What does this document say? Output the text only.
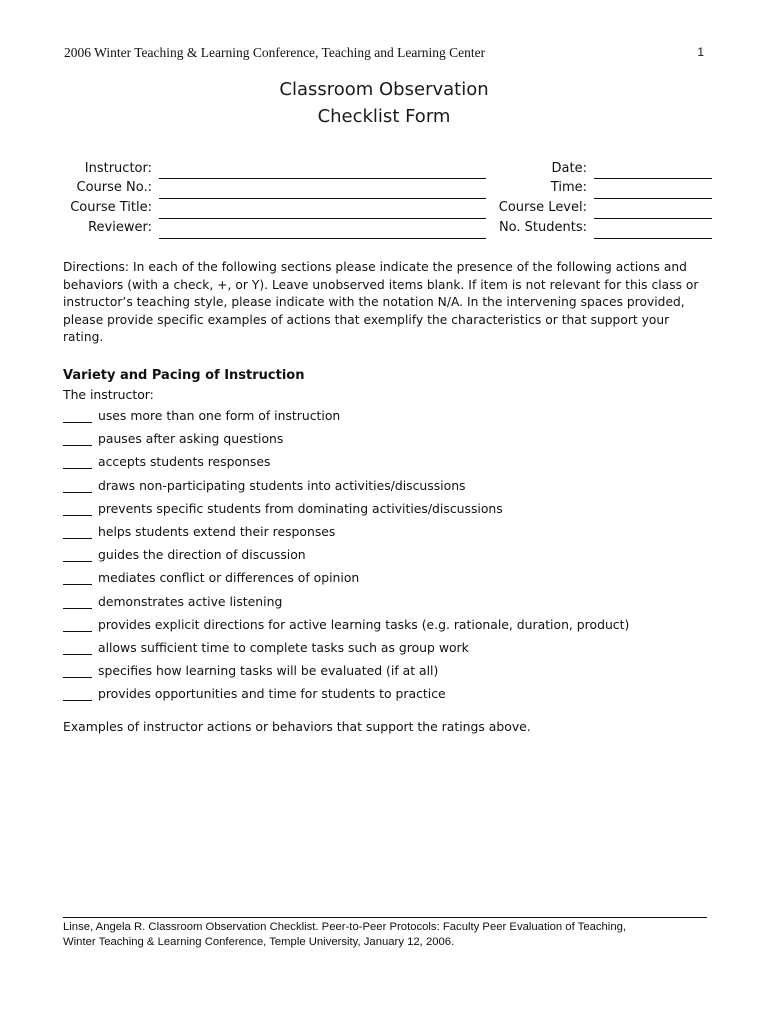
2006 Winter Teaching & Learning Conference, Teaching and Learning Center	1
Classroom Observation
Checklist Form
Instructor:
Course No.:
Course Title:
Reviewer:
Date:
Time:
Course Level:
No. Students:
Directions: In each of the following sections please indicate the presence of the following actions and behaviors (with a check, +, or Y). Leave unobserved items blank. If item is not relevant for this class or instructor’s teaching style, please indicate with the notation N/A. In the intervening spaces provided, please provide specific examples of actions that exemplify the characteristics or that support your rating.
Variety and Pacing of Instruction
The instructor:
uses more than one form of instruction
pauses after asking questions
accepts students responses
draws non-participating students into activities/discussions
prevents specific students from dominating activities/discussions
helps students extend their responses
guides the direction of discussion
mediates conflict or differences of opinion
demonstrates active listening
provides explicit directions for active learning tasks (e.g. rationale, duration, product)
allows sufficient time to complete tasks such as group work
specifies how learning tasks will be evaluated (if at all)
provides opportunities and time for students to practice
Examples of instructor actions or behaviors that support the ratings above.
Linse, Angela R. Classroom Observation Checklist. Peer-to-Peer Protocols: Faculty Peer Evaluation of Teaching,
Winter Teaching & Learning Conference, Temple University, January 12, 2006.
